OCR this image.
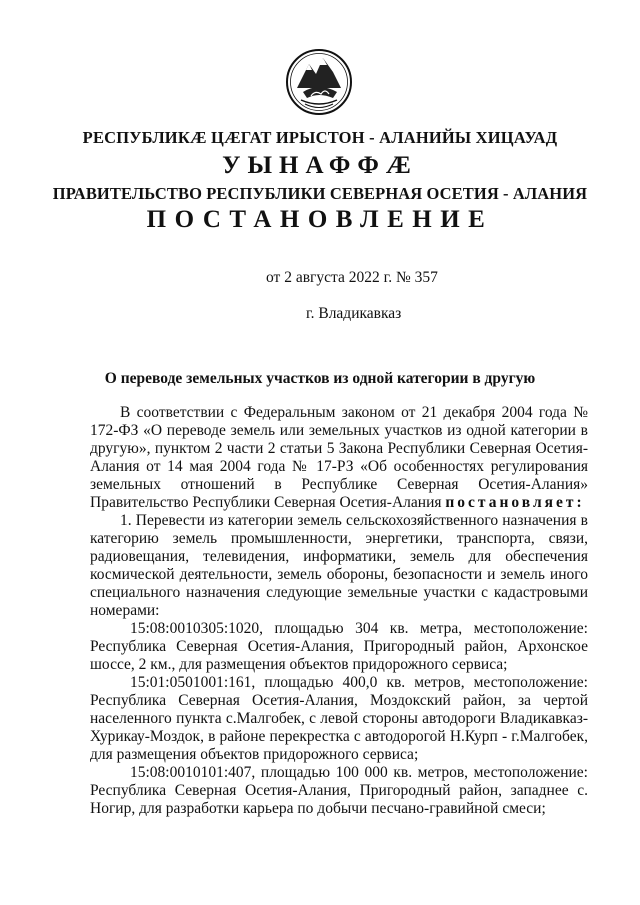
РЕСПУБЛИКӔ ЦӔГАТ ИРЫСТОН - АЛАНИЙЫ ХИЦАУАД
УЫНАФФӔ
ПРАВИТЕЛЬСТВО РЕСПУБЛИКИ СЕВЕРНАЯ ОСЕТИЯ - АЛАНИЯ
ПОСТАНОВЛЕНИЕ
от 2 августа 2022 г. № 357
г. Владикавказ
О переводе земельных участков из одной категории в другую

В соответствии с Федеральным законом от 21 декабря 2004 года № 172-ФЗ «О переводе земель или земельных участков из одной категории в другую», пунктом 2 части 2 статьи 5 Закона Республики Северная Осетия-Алания от 14 мая 2004 года № 17-РЗ «Об особенностях регулирования земельных отношений в Республике Северная Осетия-Алания» Правительство Республики Северная Осетия-Алания постановляет:

1. Перевести из категории земель сельскохозяйственного назначения в категорию земель промышленности, энергетики, транспорта, связи, радиовещания, телевидения, информатики, земель для обеспечения космической деятельности, земель обороны, безопасности и земель иного специального назначения следующие земельные участки с кадастровыми номерами:

15:08:0010305:1020, площадью 304 кв. метра, местоположение: Республика Северная Осетия-Алания, Пригородный район, Архонское шоссе, 2 км., для размещения объектов придорожного сервиса;

15:01:0501001:161, площадью 400,0 кв. метров, местоположение: Республика Северная Осетия-Алания, Моздокский район, за чертой населенного пункта с.Малгобек, с левой стороны автодороги Владикавказ-Хурикау-Моздок, в районе перекрестка с автодорогой Н.Курп - г.Малгобек, для размещения объектов придорожного сервиса;

15:08:0010101:407, площадью 100 000 кв. метров, местоположение: Республика Северная Осетия-Алания, Пригородный район, западнее с. Ногир, для разработки карьера по добычи песчано-гравийной смеси;
